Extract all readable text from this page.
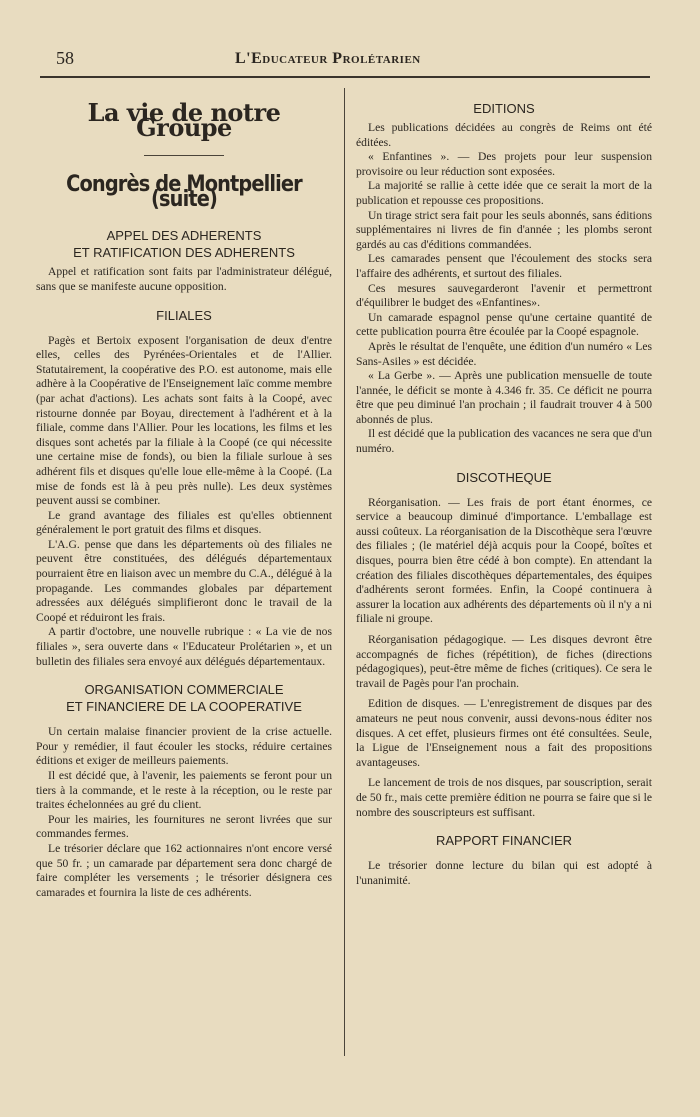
58	L'Educateur Prolétarien
La vie de notre Groupe
Congrès de Montpellier (suite)
APPEL DES ADHERENTS
ET RATIFICATION DES ADHERENTS

Appel et ratification sont faits par l'administrateur délégué, sans que se manifeste aucune opposition.

FILIALES

Pagès et Bertoix exposent l'organisation de deux d'entre elles, celles des Pyrénées-Orientales et de l'Allier. Statutairement, la coopérative des P.O. est autonome, mais elle adhère à la Coopérative de l'Enseignement laïc comme membre (par achat d'actions). Les achats sont faits à la Coopé, avec ristourne donnée par Boyau, directement à l'adhérent et à la filiale, comme dans l'Allier. Pour les locations, les films et les disques sont achetés par la filiale à la Coopé (ce qui nécessite une certaine mise de fonds), ou bien la filiale surloue à ses adhérent fils et disques qu'elle loue elle-même à la Coopé. (La mise de fonds est là à peu près nulle). Les deux systèmes peuvent aussi se combiner.

Le grand avantage des filiales est qu'elles obtiennent généralement le port gratuit des films et disques.

L'A.G. pense que dans les départements où des filiales ne peuvent être constituées, des délégués départementaux pourraient être en liaison avec un membre du C.A., délégué à la propagande. Les commandes globales par département adressées aux délégués simplifieront donc le travail de la Coopé et réduiront les frais.

A partir d'octobre, une nouvelle rubrique : « La vie de nos filiales », sera ouverte dans « l'Educateur Prolétarien », et un bulletin des filiales sera envoyé aux délégués départementaux.

ORGANISATION COMMERCIALE
ET FINANCIERE DE LA COOPERATIVE

Un certain malaise financier provient de la crise actuelle. Pour y remédier, il faut écouler les stocks, réduire certaines éditions et exiger de meilleurs paiements.

Il est décidé que, à l'avenir, les paiements se feront pour un tiers à la commande, et le reste à la réception, ou le reste par traites échelonnées au gré du client.

Pour les mairies, les fournitures ne seront livrées que sur commandes fermes.

Le trésorier déclare que 162 actionnaires n'ont encore versé que 50 fr. ; un camarade par département sera donc chargé de faire compléter les versements ; le trésorier désignera ces camarades et fournira la liste de ces adhérents.

EDITIONS

Les publications décidées au congrès de Reims ont été éditées.

« Enfantines ». — Des projets pour leur suspension provisoire ou leur réduction sont exposées.

La majorité se rallie à cette idée que ce serait la mort de la publication et repousse ces propositions.

Un tirage strict sera fait pour les seuls abonnés, sans éditions supplémentaires ni livres de fin d'année ; les plombs seront gardés au cas d'éditions commandées.

Les camarades pensent que l'écoulement des stocks sera l'affaire des adhérents, et surtout des filiales.

Ces mesures sauvegarderont l'avenir et permettront d'équilibrer le budget des «Enfantines».

Un camarade espagnol pense qu'une certaine quantité de cette publication pourra être écoulée par la Coopé espagnole.

Après le résultat de l'enquête, une édition d'un numéro « Les Sans-Asiles » est décidée.

« La Gerbe ». — Après une publication mensuelle de toute l'année, le déficit se monte à 4.346 fr. 35. Ce déficit ne pourra être que peu diminué l'an prochain ; il faudrait trouver 4 à 500 abonnés de plus.

Il est décidé que la publication des vacances ne sera que d'un numéro.

DISCOTHEQUE

Réorganisation. — Les frais de port étant énormes, ce service a beaucoup diminué d'importance. L'emballage est aussi coûteux. La réorganisation de la Discothèque sera l'œuvre des filiales ; (le matériel déjà acquis pour la Coopé, boîtes et disques, pourra bien être cédé à bon compte). En attendant la création des filiales discothèques départementales, des équipes d'adhérents seront formées. Enfin, la Coopé continuera à assurer la location aux adhérents des départements où il n'y a ni filiale ni groupe.

Réorganisation pédagogique. — Les disques devront être accompagnés de fiches (répétition), de fiches (directions pédagogiques), peut-être même de fiches (critiques). Ce sera le travail de Pagès pour l'an prochain.

Edition de disques. — L'enregistrement de disques par des amateurs ne peut nous convenir, aussi devons-nous éditer nos disques. A cet effet, plusieurs firmes ont été consultées. Seule, la Ligue de l'Enseignement nous a fait des propositions avantageuses.

Le lancement de trois de nos disques, par souscription, serait de 50 fr., mais cette première édition ne pourra se faire que si le nombre des souscripteurs est suffisant.

RAPPORT FINANCIER

Le trésorier donne lecture du bilan qui est adopté à l'unanimité.
